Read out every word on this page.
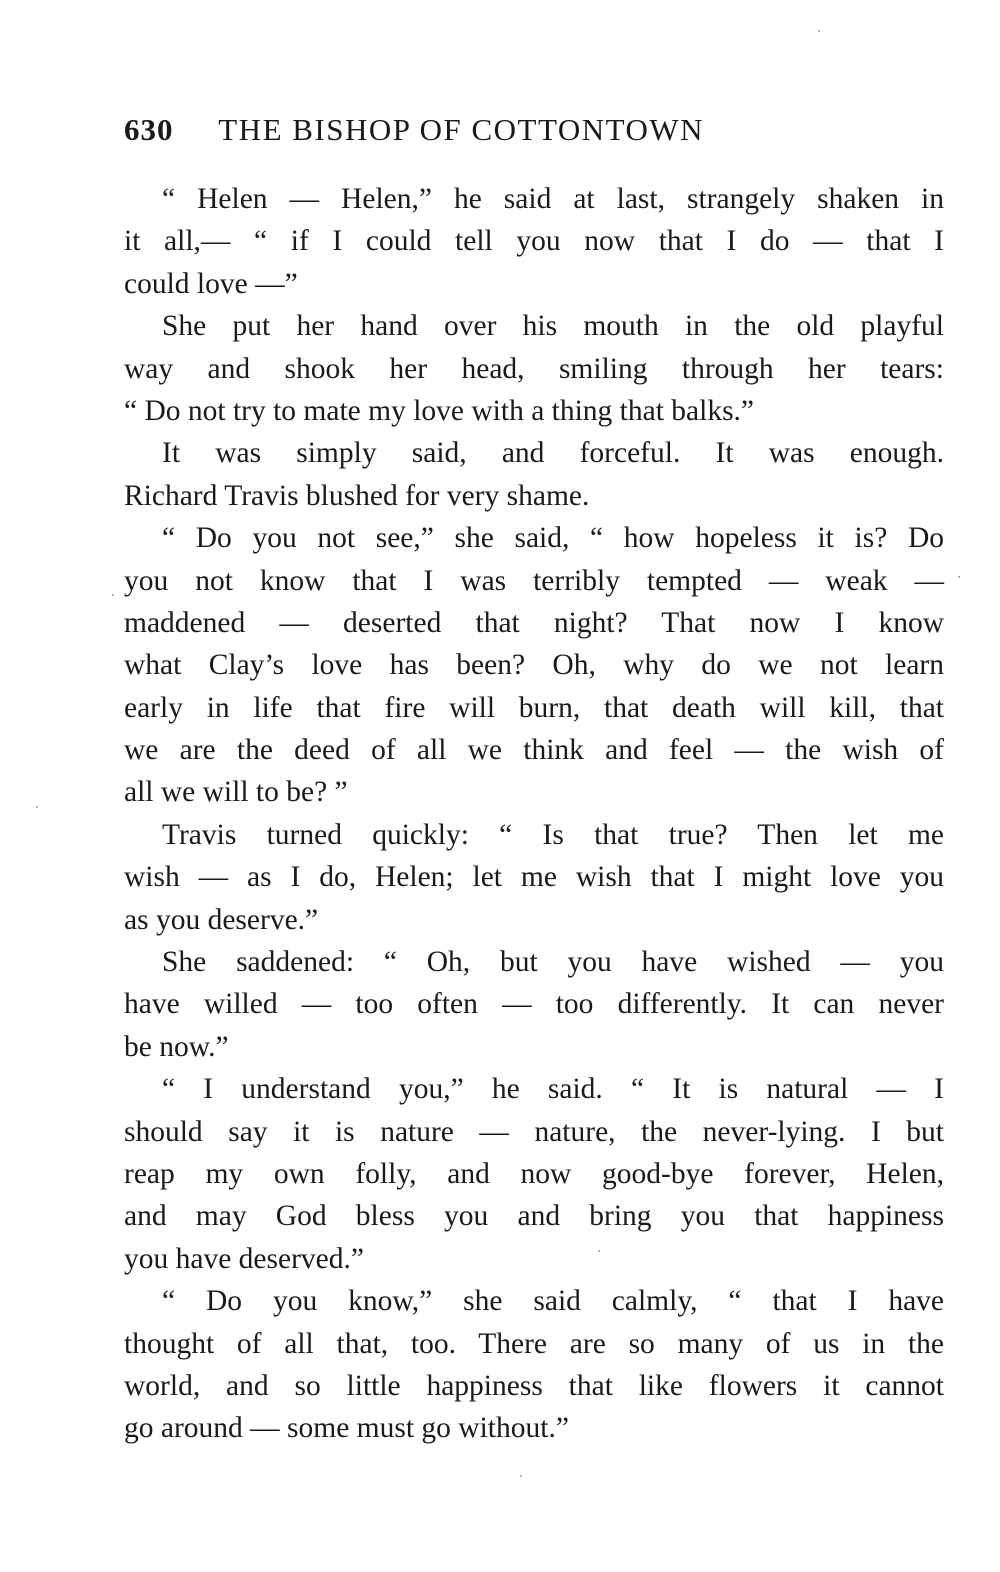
630 THE BISHOP OF COTTONTOWN
“ Helen — Helen,” he said at last, strangely shaken in
it all,— “ if I could tell you now that I do — that I
could love —”
She put her hand over his mouth in the old playful
way and shook her head, smiling through her tears:
“ Do not try to mate my love with a thing that balks.”
It was simply said, and forceful. It was enough.
Richard Travis blushed for very shame.
“ Do you not see,” she said, “ how hopeless it is? Do
you not know that I was terribly tempted — weak —
maddened — deserted that night? That now I know
what Clay’s love has been? Oh, why do we not learn
early in life that fire will burn, that death will kill, that
we are the deed of all we think and feel — the wish of
all we will to be? ”
Travis turned quickly: “ Is that true? Then let me
wish — as I do, Helen; let me wish that I might love you
as you deserve.”
She saddened: “ Oh, but you have wished — you
have willed — too often — too differently. It can never
be now.”
“ I understand you,” he said. “ It is natural — I
should say it is nature — nature, the never-lying. I but
reap my own folly, and now good-bye forever, Helen,
and may God bless you and bring you that happiness
you have deserved.”
“ Do you know,” she said calmly, “ that I have
thought of all that, too. There are so many of us in the
world, and so little happiness that like flowers it cannot
go around — some must go without.”
